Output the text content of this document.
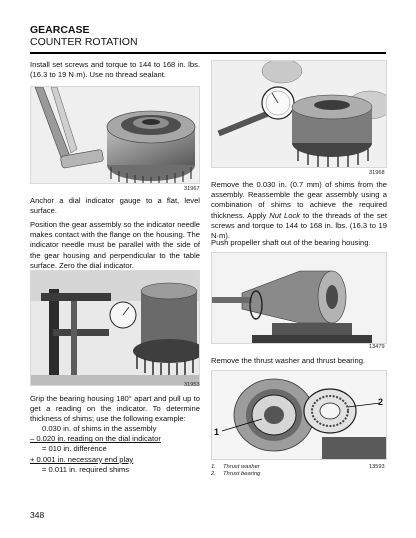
GEARCASE
COUNTER ROTATION
Install set screws and torque to 144 to 168 in. lbs. (16.3 to 19 N·m). Use no thread sealant.
31967
Anchor a dial indicator gauge to a flat, level surface.
Position the gear assembly so the indicator needle makes contact with the flange on the housing. The indicator needle must be parallel with the side of the gear housing and perpendicular to the table surface. Zero the dial indicator.
31953
Grip the bearing housing 180° apart and pull up to get a reading on the indicator. To determine thickness of shims; use the following example:
0.030 in. of shims in the assembly
– 0.020 in. reading on the dial indicator
= 010 in. difference
+ 0.001 in. necessary end play
= 0.011 in. required shims
31968
Remove the 0.030 in. (0.7 mm) of shims from the assembly. Reassemble the gear assembly using a combination of shims to achieve the required thickness. Apply Nut Lock to the threads of the set screws and torque to 144 to 168 in. lbs. (16.3 to 19 N·m).
Push propeller shaft out of the bearing housing.
13479
Remove the thrust washer and thrust bearing.
1
2
1. Thrust washer
2. Thrust bearing
13593
348
